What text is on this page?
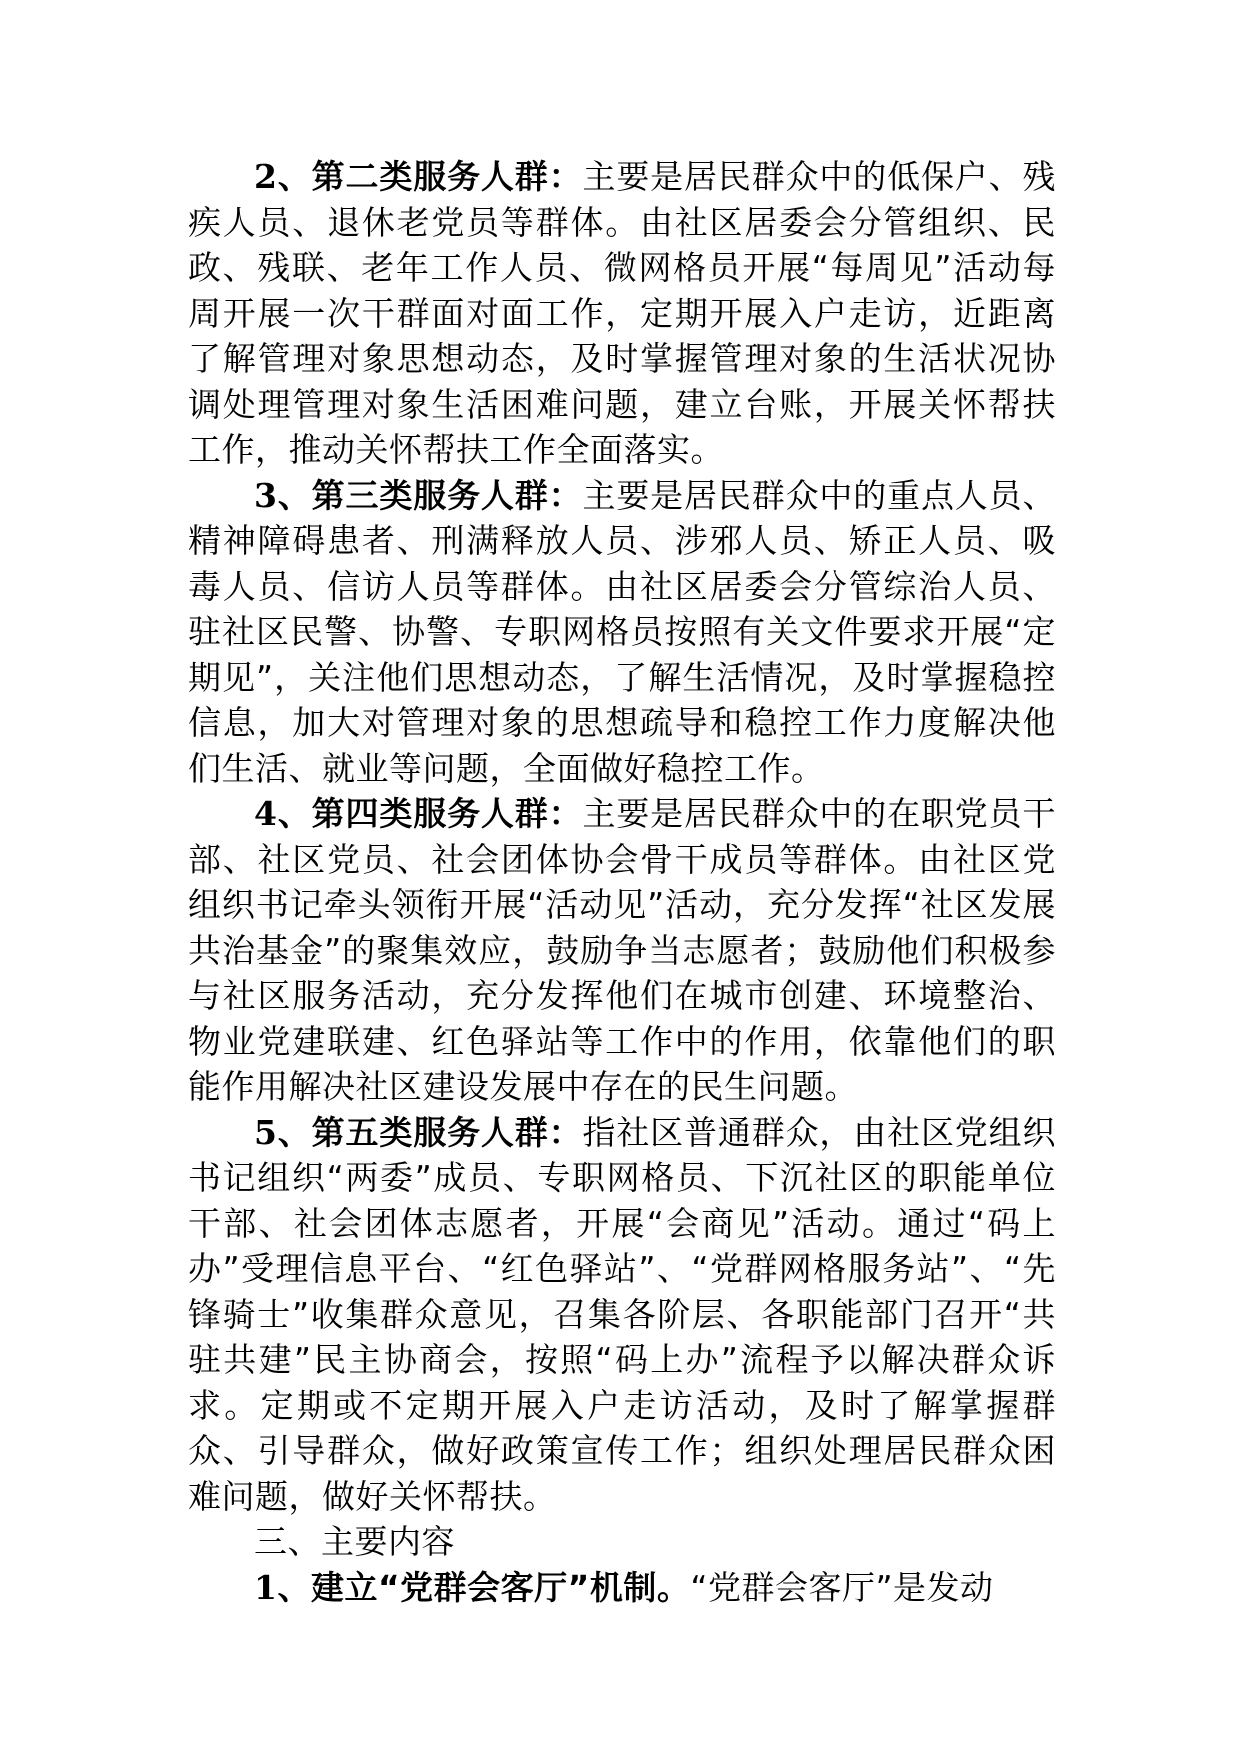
2、第二类服务人群：主要是居民群众中的低保户、残疾人员、退休老党员等群体。由社区居委会分管组织、民政、残联、老年工作人员、微网格员开展“每周见”活动每周开展一次干群面对面工作，定期开展入户走访，近距离了解管理对象思想动态，及时掌握管理对象的生活状况协调处理管理对象生活困难问题，建立台账，开展关怀帮扶工作，推动关怀帮扶工作全面落实。

3、第三类服务人群：主要是居民群众中的重点人员、精神障碍患者、刑满释放人员、涉邪人员、矫正人员、吸毒人员、信访人员等群体。由社区居委会分管综治人员、驻社区民警、协警、专职网格员按照有关文件要求开展“定期见”，关注他们思想动态，了解生活情况，及时掌握稳控信息，加大对管理对象的思想疏导和稳控工作力度解决他们生活、就业等问题，全面做好稳控工作。

4、第四类服务人群：主要是居民群众中的在职党员干部、社区党员、社会团体协会骨干成员等群体。由社区党组织书记牵头领衔开展“活动见”活动，充分发挥“社区发展共治基金”的聚集效应，鼓励争当志愿者；鼓励他们积极参与社区服务活动，充分发挥他们在城市创建、环境整治、物业党建联建、红色驿站等工作中的作用，依靠他们的职能作用解决社区建设发展中存在的民生问题。

5、第五类服务人群：指社区普通群众，由社区党组织书记组织“两委”成员、专职网格员、下沉社区的职能单位干部、社会团体志愿者，开展“会商见”活动。通过“码上办”受理信息平台、“红色驿站”、“党群网格服务站”、“先锋骑士”收集群众意见，召集各阶层、各职能部门召开“共驻共建”民主协商会，按照“码上办”流程予以解决群众诉求。定期或不定期开展入户走访活动，及时了解掌握群众、引导群众，做好政策宣传工作；组织处理居民群众困难问题，做好关怀帮扶。

三、主要内容

1、建立“党群会客厅”机制。“党群会客厅”是发动
